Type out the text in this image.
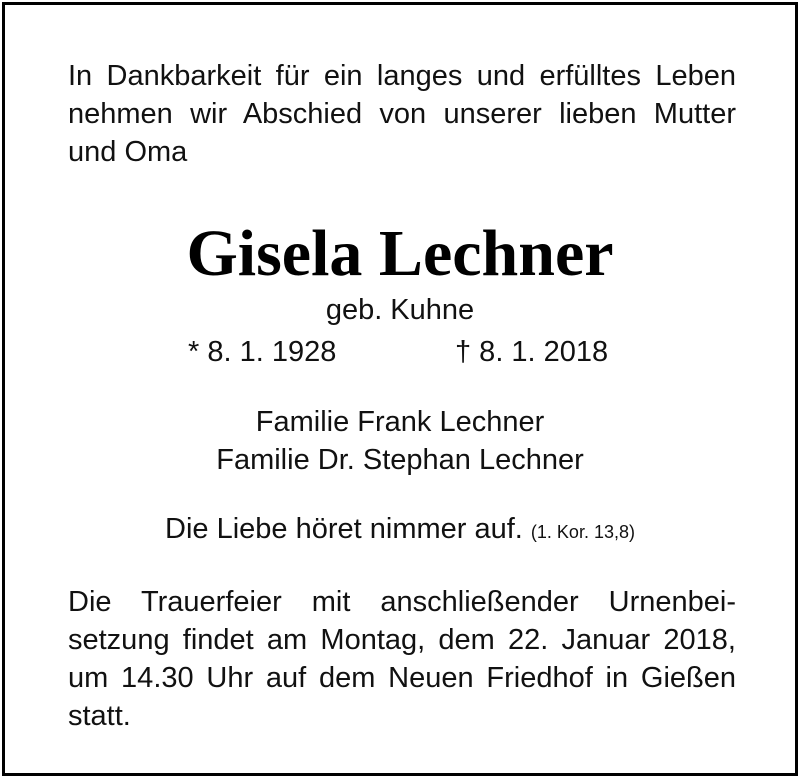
In Dankbarkeit für ein langes und erfülltes Leben
nehmen wir Abschied von unserer lieben Mutter
und Oma
Gisela Lechner
geb. Kuhne
* 8. 1. 1928	† 8. 1. 2018
Familie Frank Lechner
Familie Dr. Stephan Lechner
Die Liebe höret nimmer auf. (1. Kor. 13,8)
Die Trauerfeier mit anschließender Urnenbei-
setzung findet am Montag, dem 22. Januar 2018,
um 14.30 Uhr auf dem Neuen Friedhof in Gießen
statt.
